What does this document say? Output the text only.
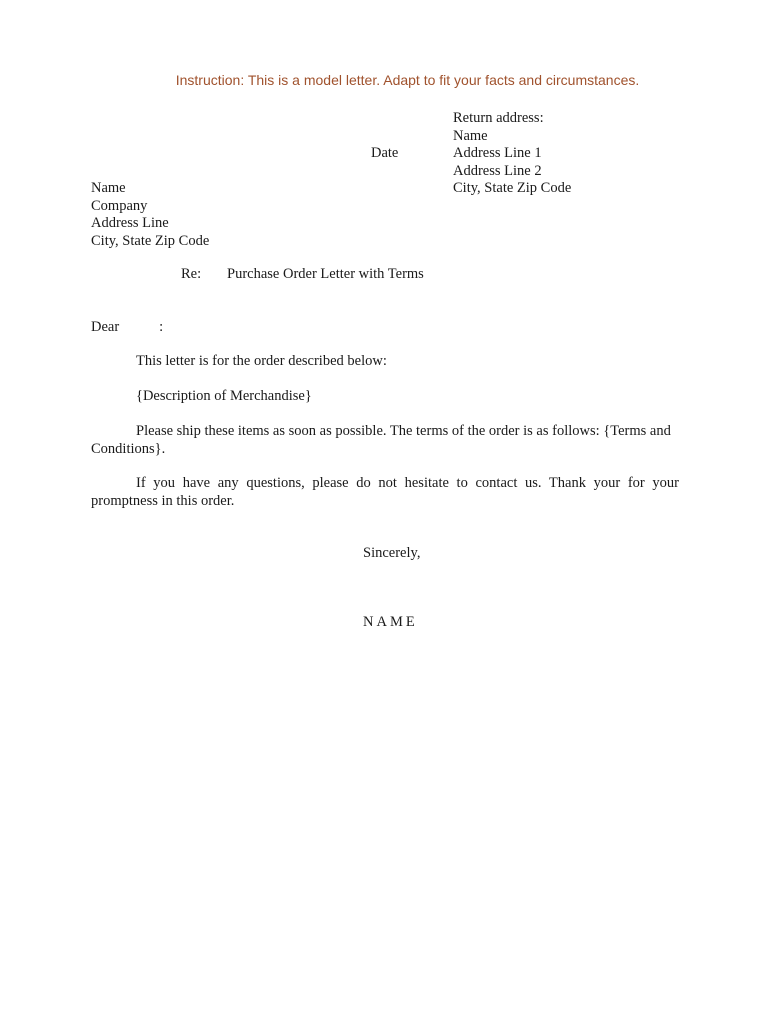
Instruction: This is a model letter. Adapt to fit your facts and circumstances.
Return address:
Name
Address Line 1
Address Line 2
City, State Zip Code
Date
Name
Company
Address Line
City, State Zip Code
Re: Purchase Order Letter with Terms
Dear	:
This letter is for the order described below:
{Description of Merchandise}
Please ship these items as soon as possible. The terms of the order is as follows: {Terms and Conditions}.
If you have any questions, please do not hesitate to contact us. Thank your for your promptness in this order.
Sincerely,
NAME
